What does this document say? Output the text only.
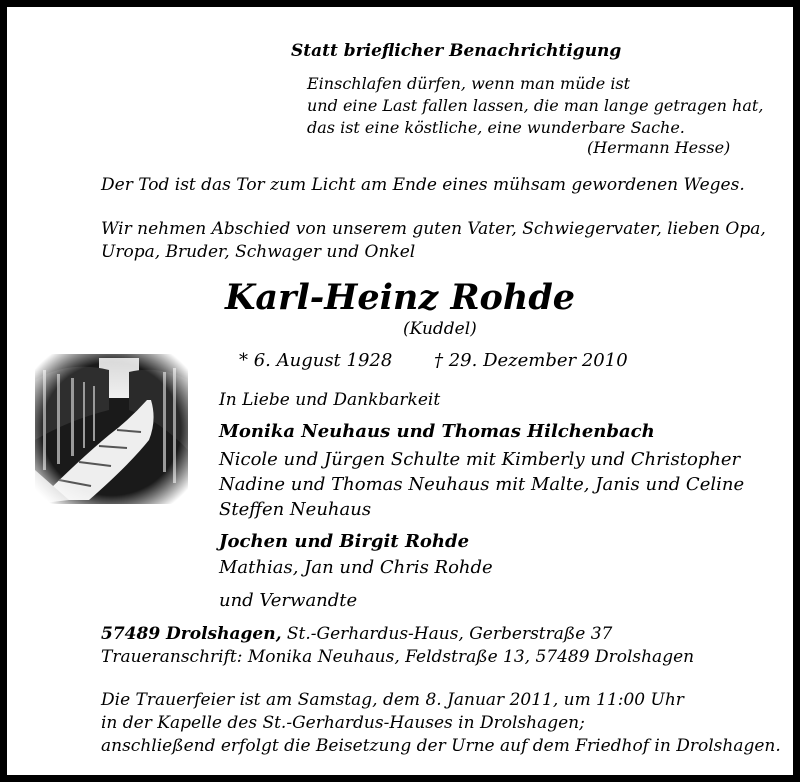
Statt brieflicher Benachrichtigung
Einschlafen dürfen, wenn man müde ist
und eine Last fallen lassen, die man lange getragen hat,
das ist eine köstliche, eine wunderbare Sache.
(Hermann Hesse)
Der Tod ist das Tor zum Licht am Ende eines mühsam gewordenen Weges.
Wir nehmen Abschied von unserem guten Vater, Schwiegervater, lieben Opa,
Uropa, Bruder, Schwager und Onkel
Karl-Heinz Rohde
(Kuddel)
* 6. August 1928 † 29. Dezember 2010
In Liebe und Dankbarkeit
Monika Neuhaus und Thomas Hilchenbach
Nicole und Jürgen Schulte mit Kimberly und Christopher
Nadine und Thomas Neuhaus mit Malte, Janis und Celine
Steffen Neuhaus
Jochen und Birgit Rohde
Mathias, Jan und Chris Rohde
und Verwandte
57489 Drolshagen, St.-Gerhardus-Haus, Gerberstraße 37
Traueranschrift: Monika Neuhaus, Feldstraße 13, 57489 Drolshagen
Die Trauerfeier ist am Samstag, dem 8. Januar 2011, um 11:00 Uhr
in der Kapelle des St.-Gerhardus-Hauses in Drolshagen;
anschließend erfolgt die Beisetzung der Urne auf dem Friedhof in Drolshagen.
